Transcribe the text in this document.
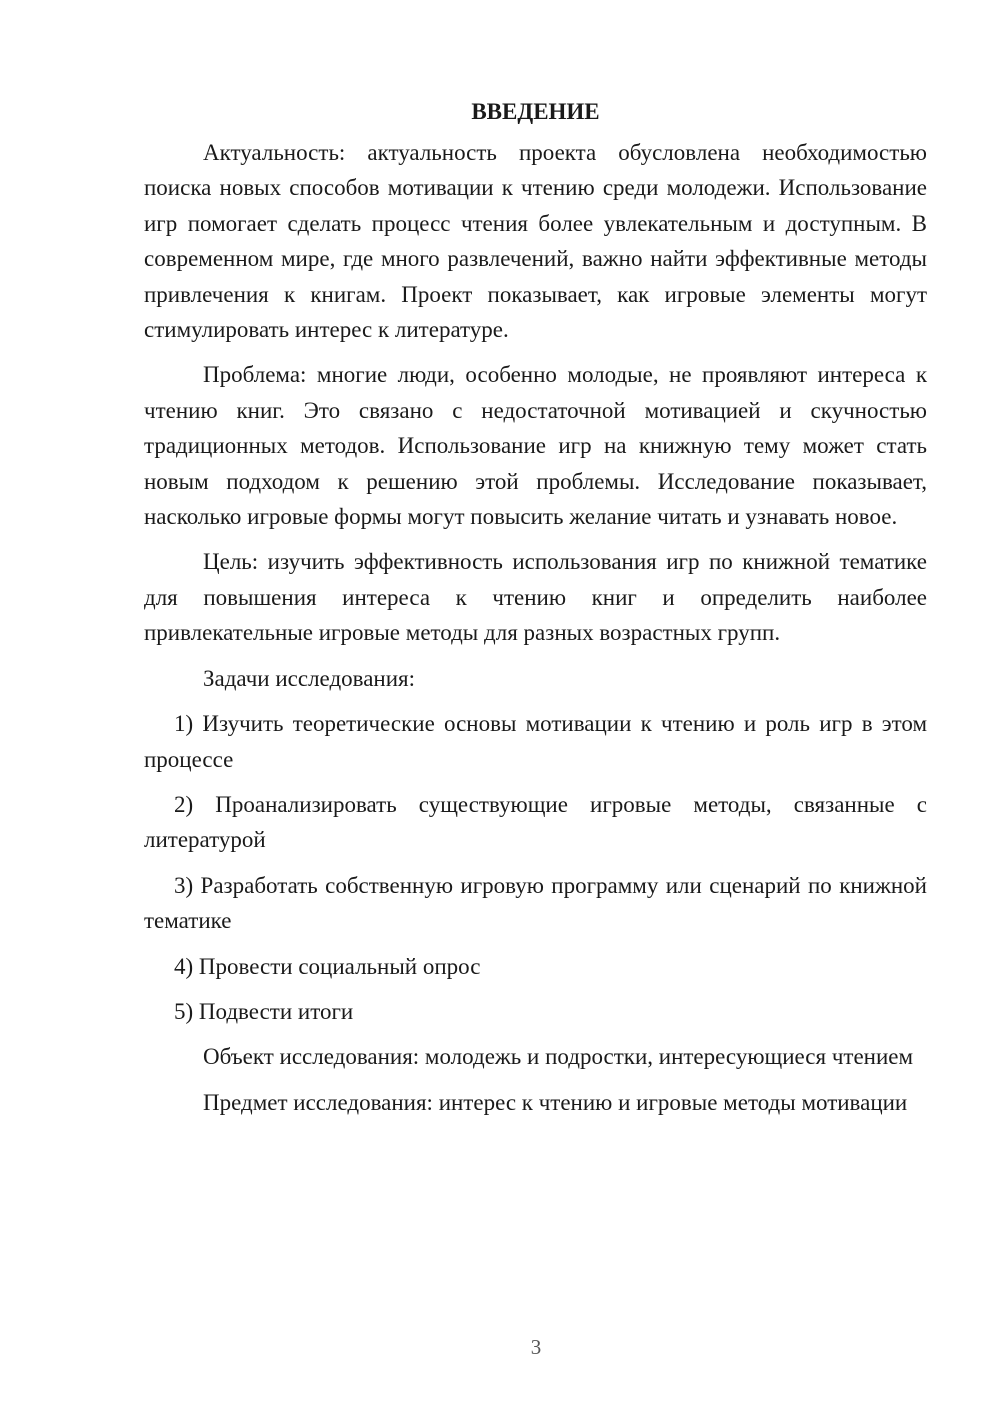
ВВЕДЕНИЕ

Актуальность: актуальность проекта обусловлена необходимостью поиска новых способов мотивации к чтению среди молодежи. Использование игр помогает сделать процесс чтения более увлекательным и доступным. В современном мире, где много развлечений, важно найти эффективные методы привлечения к книгам. Проект показывает, как игровые элементы могут стимулировать интерес к литературе.

Проблема: многие люди, особенно молодые, не проявляют интереса к чтению книг. Это связано с недостаточной мотивацией и скучностью традиционных методов. Использование игр на книжную тему может стать новым подходом к решению этой проблемы. Исследование показывает, насколько игровые формы могут повысить желание читать и узнавать новое.

Цель: изучить эффективность использования игр по книжной тематике для повышения интереса к чтению книг и определить наиболее привлекательные игровые методы для разных возрастных групп.

Задачи исследования:

1) Изучить теоретические основы мотивации к чтению и роль игр в этом процессе

2) Проанализировать существующие игровые методы, связанные с литературой

3) Разработать собственную игровую программу или сценарий по книжной тематике

4) Провести социальный опрос

5) Подвести итоги

Объект исследования: молодежь и подростки, интересующиеся чтением

Предмет исследования: интерес к чтению и игровые методы мотивации

3
